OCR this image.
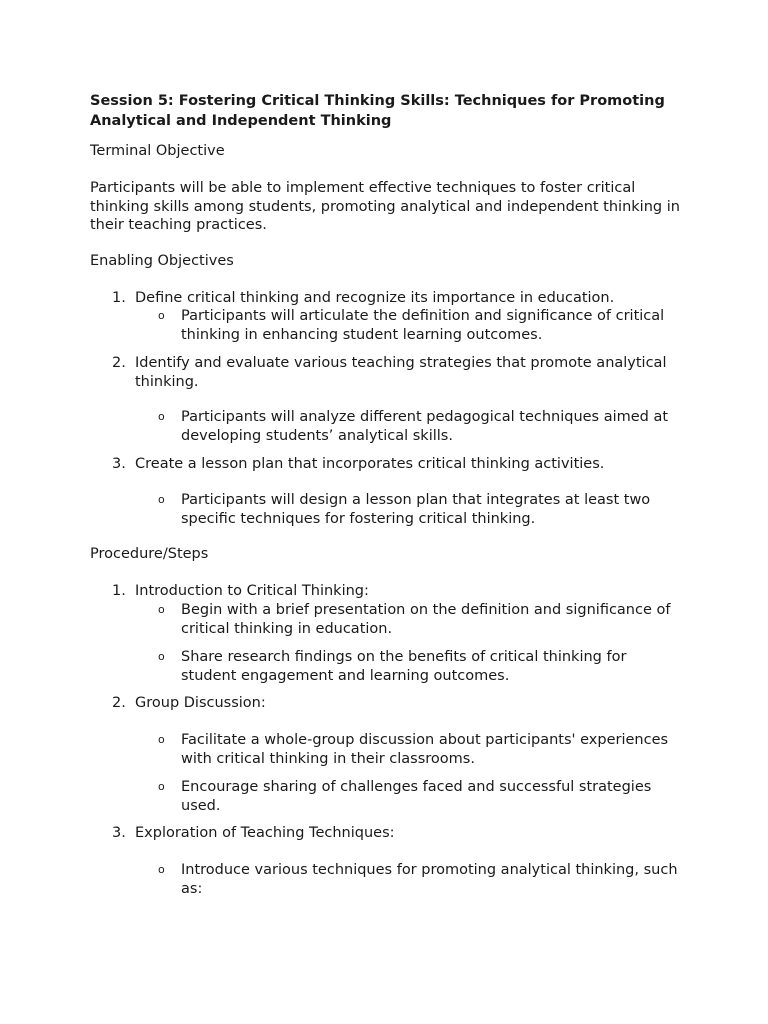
Session 5: Fostering Critical Thinking Skills: Techniques for Promoting Analytical and Independent Thinking
Terminal Objective
Participants will be able to implement effective techniques to foster critical thinking skills among students, promoting analytical and independent thinking in their teaching practices.
Enabling Objectives
1. Define critical thinking and recognize its importance in education.
o Participants will articulate the definition and significance of critical thinking in enhancing student learning outcomes.
2. Identify and evaluate various teaching strategies that promote analytical thinking.
o Participants will analyze different pedagogical techniques aimed at developing students’ analytical skills.
3. Create a lesson plan that incorporates critical thinking activities.
o Participants will design a lesson plan that integrates at least two specific techniques for fostering critical thinking.
Procedure/Steps
1. Introduction to Critical Thinking:
o Begin with a brief presentation on the definition and significance of critical thinking in education.
o Share research findings on the benefits of critical thinking for student engagement and learning outcomes.
2. Group Discussion:
o Facilitate a whole-group discussion about participants' experiences with critical thinking in their classrooms.
o Encourage sharing of challenges faced and successful strategies used.
3. Exploration of Teaching Techniques:
o Introduce various techniques for promoting analytical thinking, such as:
